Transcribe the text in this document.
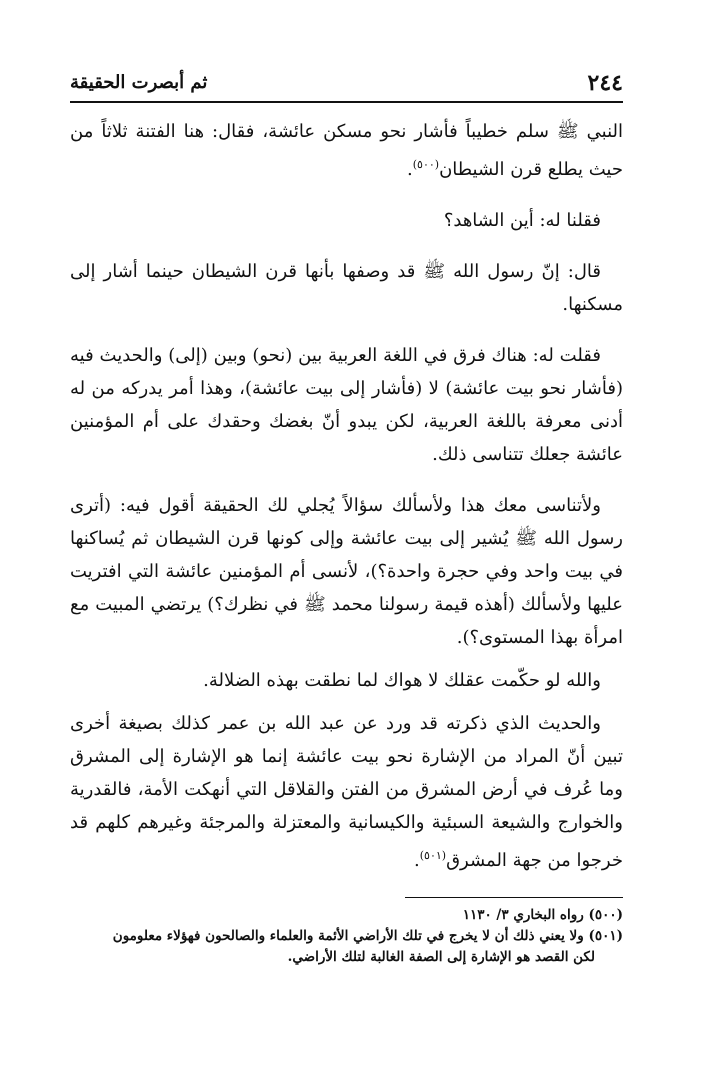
٢٤٤
ثم أبصرت الحقيقة

النبي ﷺ سلم خطيباً فأشار نحو مسكن عائشة، فقال: هنا الفتنة ثلاثاً من حيث يطلع قرن الشيطان$^{(٥٠٠)}$.

فقلنا له: أين الشاهد؟

قال: إنّ رسول الله ﷺ قد وصفها بأنها قرن الشيطان حينما أشار إلى مسكنها.

فقلت له: هناك فرق في اللغة العربية بين (نحو) وبين (إلى) والحديث فيه (فأشار نحو بيت عائشة) لا (فأشار إلى بيت عائشة)، وهذا أمر يدركه من له أدنى معرفة باللغة العربية، لكن يبدو أنّ بغضك وحقدك على أم المؤمنين عائشة جعلك تتناسى ذلك.

ولأتناسى معك هذا ولأسألك سؤالاً يُجلي لك الحقيقة أقول فيه: (أترى رسول الله ﷺ يُشير إلى بيت عائشة وإلى كونها قرن الشيطان ثم يُساكنها في بيت واحد وفي حجرة واحدة؟)، لأنسى أم المؤمنين عائشة التي افتريت عليها ولأسألك (أهذه قيمة رسولنا محمد ﷺ في نظرك؟) يرتضي المبيت مع امرأة بهذا المستوى؟).

والله لو حكّمت عقلك لا هواك لما نطقت بهذه الضلالة.

والحديث الذي ذكرته قد ورد عن عبد الله بن عمر كذلك بصيغة أخرى تبين أنّ المراد من الإشارة نحو بيت عائشة إنما هو الإشارة إلى المشرق وما عُرف في أرض المشرق من الفتن والقلاقل التي أنهكت الأمة، فالقدرية والخوارج والشيعة السبئية والكيسانية والمعتزلة والمرجئة وغيرهم كلهم قد خرجوا من جهة المشرق$^{(٥٠١)}$.

(٥٠٠) رواه البخاري ٣/ ١١٣٠

(٥٠١) ولا يعني ذلك أن لا يخرج في تلك الأراضي الأئمة والعلماء والصالحون فهؤلاء معلومون

لكن القصد هو الإشارة إلى الصفة الغالبة لتلك الأراضي.
